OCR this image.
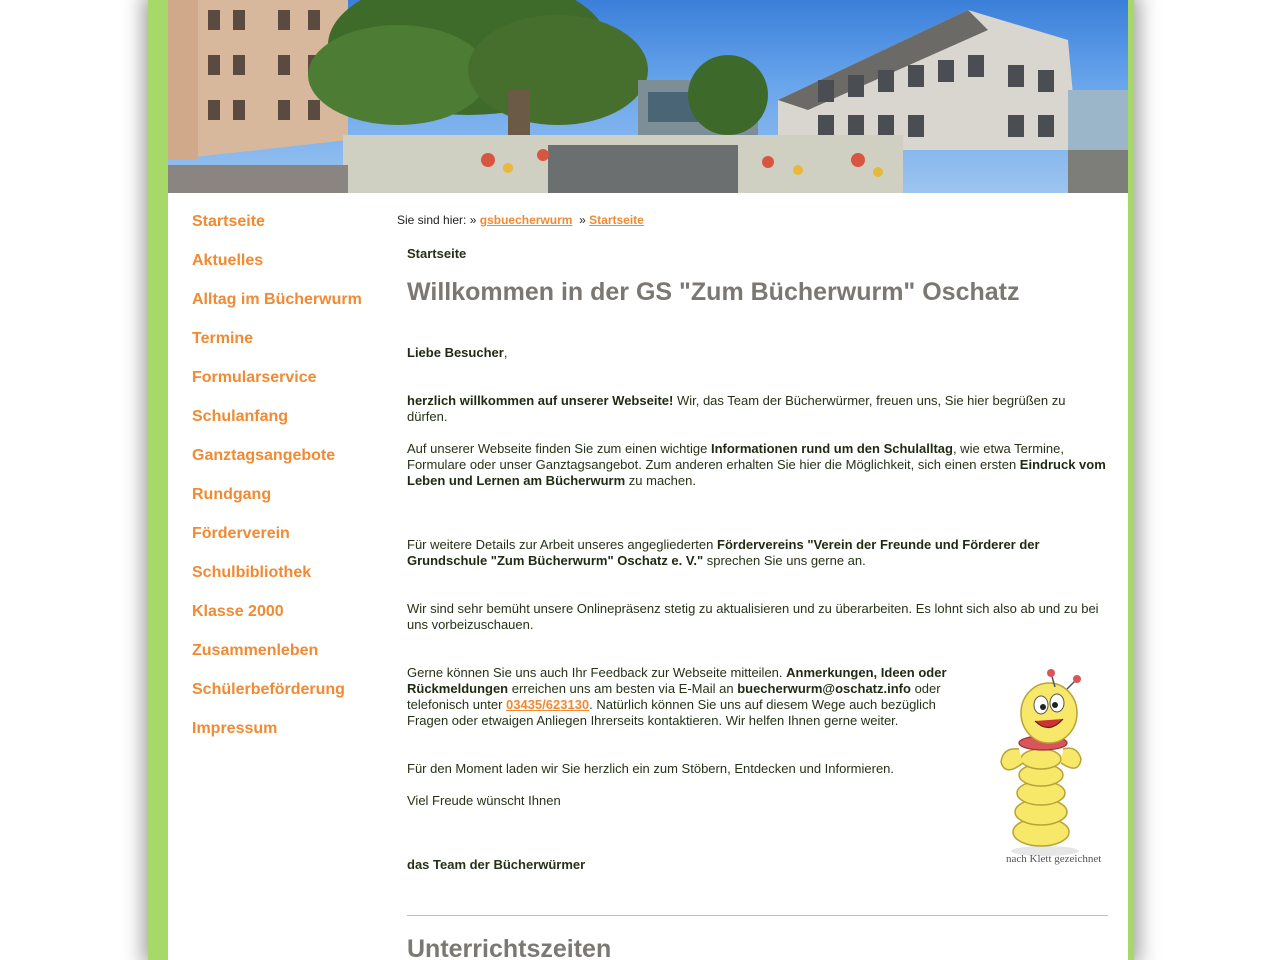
Startseite
Aktuelles
Alltag im Bücherwurm
Termine
Formularservice
Schulanfang
Ganztagsangebote
Rundgang
Förderverein
Schulbibliothek
Klasse 2000
Zusammenleben
Schülerbeförderung
Impressum
Sie sind hier: » gsbuecherwurm » Startseite

Startseite

Willkommen in der GS "Zum Bücherwurm" Oschatz

Liebe Besucher,

herzlich willkommen auf unserer Webseite! Wir, das Team der Bücherwürmer, freuen uns, Sie hier begrüßen zu dürfen.

Auf unserer Webseite finden Sie zum einen wichtige Informationen rund um den Schulalltag, wie etwa Termine, Formulare oder unser Ganztagsangebot. Zum anderen erhalten Sie hier die Möglichkeit, sich einen ersten Eindruck vom Leben und Lernen am Bücherwurm zu machen.

Für weitere Details zur Arbeit unseres angegliederten Fördervereins "Verein der Freunde und Förderer der Grundschule "Zum Bücherwurm" Oschatz e. V." sprechen Sie uns gerne an.

Wir sind sehr bemüht unsere Onlinepräsenz stetig zu aktualisieren und zu überarbeiten. Es lohnt sich also ab und zu bei uns vorbeizuschauen.

Gerne können Sie uns auch Ihr Feedback zur Webseite mitteilen. Anmerkungen, Ideen oder Rückmeldungen erreichen uns am besten via E-Mail an buecherwurm@oschatz.info oder telefonisch unter 03435/623130. Natürlich können Sie uns auf diesem Wege auch bezüglich Fragen oder etwaigen Anliegen Ihrerseits kontaktieren. Wir helfen Ihnen gerne weiter.

Für den Moment laden wir Sie herzlich ein zum Stöbern, Entdecken und Informieren.

Viel Freude wünscht Ihnen

das Team der Bücherwürmer	nach Klett gezeichnet
Unterrichtszeiten
